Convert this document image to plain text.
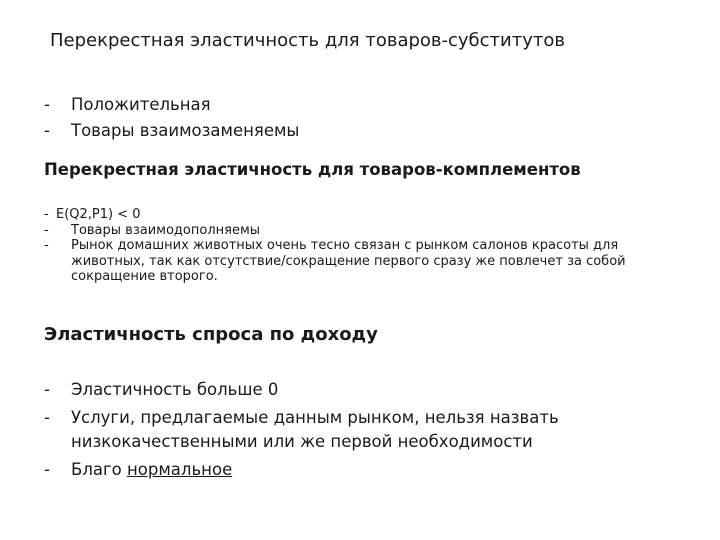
Перекрестная эластичность для товаров-субститутов
- Положительная
- Товары взаимозаменяемы
Перекрестная эластичность для товаров-комплементов
- E(Q2,P1) < 0
- Товары взаимодополняемы
- Рынок домашних животных очень тесно связан с рынком салонов красоты для животных, так как отсутствие/сокращение первого сразу же повлечет за собой сокращение второго.
Эластичность спроса по доходу
- Эластичность больше 0
- Услуги, предлагаемые данным рынком, нельзя назвать низкокачественными или же первой необходимости
- Благо нормальное
